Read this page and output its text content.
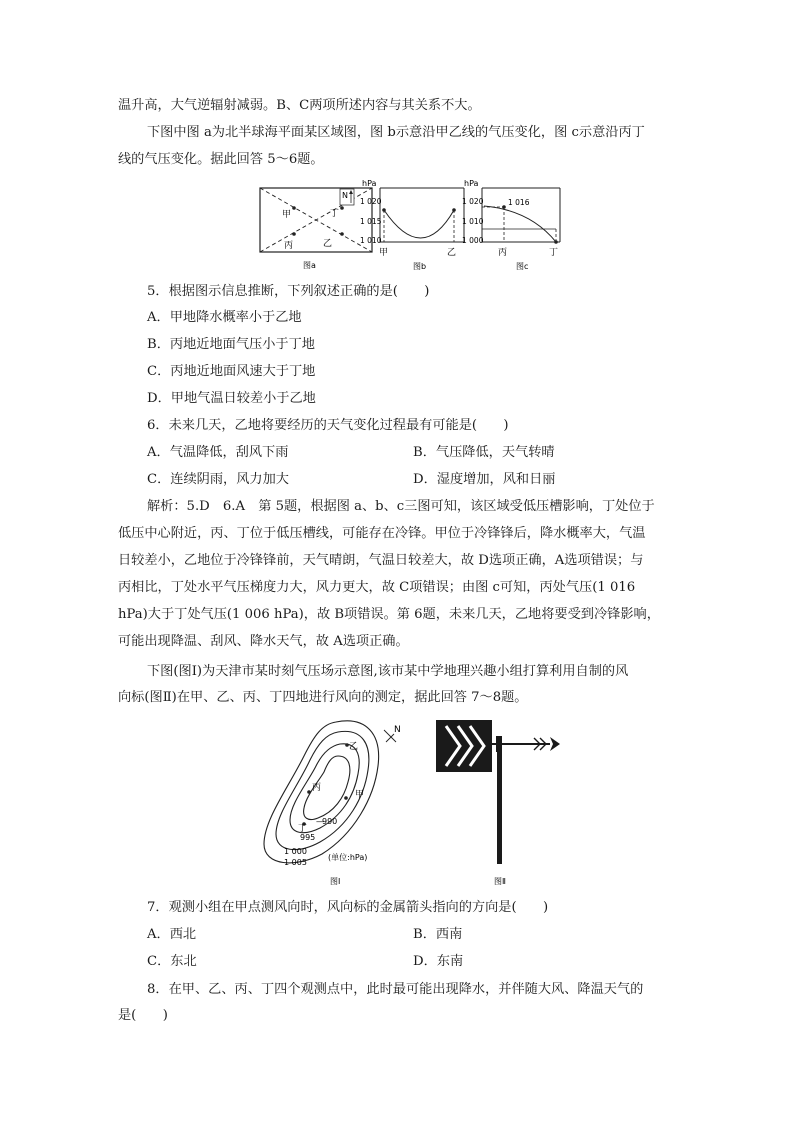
温升高，大气逆辐射减弱。B、C两项所述内容与其关系不大。
下图中图 a为北半球海平面某区域图，图 b示意沿甲乙线的气压变化，图 c示意沿丙丁
线的气压变化。据此回答 5～6题。
甲	丁
丙	乙
N
图a
hPa
1 020
1 015
1 010
甲	乙
图b
hPa
1 020
1 010
1 000
1 016
丙	丁
图c
5．根据图示信息推断，下列叙述正确的是(　　)
A．甲地降水概率小于乙地
B．丙地近地面气压小于丁地
C．丙地近地面风速大于丁地
D．甲地气温日较差小于乙地
6．未来几天，乙地将要经历的天气变化过程最有可能是(　　)
A．气温降低，刮风下雨	B．气压降低，天气转晴
C．连续阴雨，风力加大	D．湿度增加，风和日丽
解析：5.D　6.A　第 5题，根据图 a、b、c三图可知，该区域受低压槽影响，丁处位于
低压中心附近，丙、丁位于低压槽线，可能存在冷锋。甲位于冷锋锋后，降水概率大，气温
日较差小，乙地位于冷锋锋前，天气晴朗，气温日较差大，故 D选项正确，A选项错误；与
丙相比，丁处水平气压梯度力大，风力更大，故 C项错误；由图 c可知，丙处气压(1 016
hPa)大于丁处气压(1 006 hPa)，故 B项错误。第 6题，未来几天，乙地将要受到冷锋影响，
可能出现降温、刮风、降水天气，故 A选项正确。
下图(图Ⅰ)为天津市某时刻气压场示意图,该市某中学地理兴趣小组打算利用自制的风
向标(图Ⅱ)在甲、乙、丙、丁四地进行风向的测定，据此回答 7～8题。
乙
甲
丙
丁
—
990
995
1 000
1 005
(单位:hPa)
N
图Ⅰ	图Ⅱ
7．观测小组在甲点测风向时，风向标的金属箭头指向的方向是(　　)
A．西北	B．西南
C．东北	D．东南
8．在甲、乙、丙、丁四个观测点中，此时最可能出现降水，并伴随大风、降温天气的
是(　　)
